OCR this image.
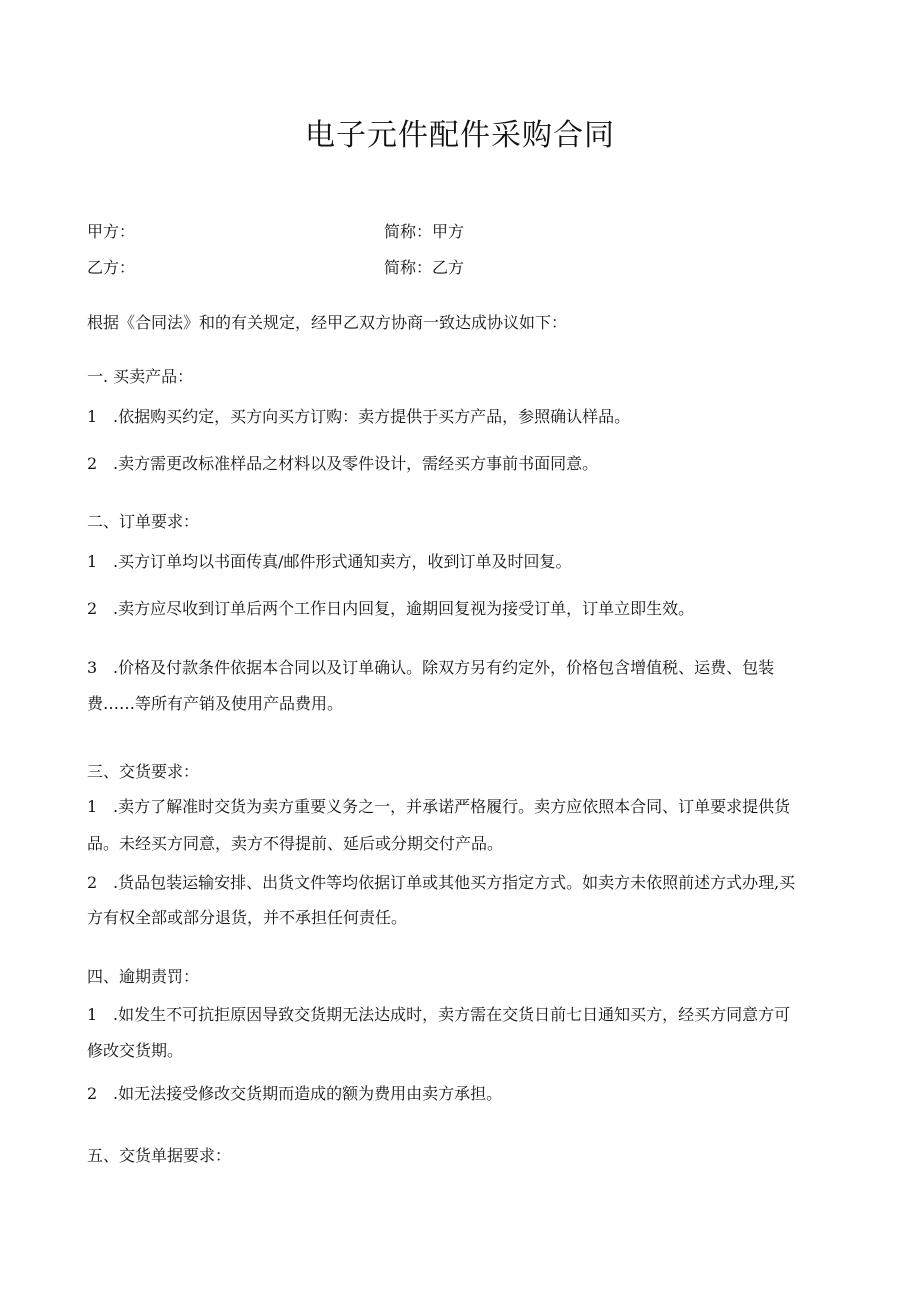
电子元件配件采购合同
甲方：	简称：甲方
乙方：	简称：乙方
根据《合同法》和的有关规定，经甲乙双方协商一致达成协议如下：
一. 买卖产品：
1 .依据购买约定，买方向买方订购：卖方提供于买方产品，参照确认样品。
2 .卖方需更改标准样品之材料以及零件设计，需经买方事前书面同意。
二、订单要求：
1 .买方订单均以书面传真/邮件形式通知卖方，收到订单及时回复。
2 .卖方应尽收到订单后两个工作日内回复，逾期回复视为接受订单，订单立即生效。
3 .价格及付款条件依据本合同以及订单确认。除双方另有约定外，价格包含增值税、运费、包装
费……等所有产销及使用产品费用。
三、交货要求：
1 .卖方了解准时交货为卖方重要义务之一，并承诺严格履行。卖方应依照本合同、订单要求提供货
品。未经买方同意，卖方不得提前、延后或分期交付产品。
2 .货品包装运输安排、出货文件等均依据订单或其他买方指定方式。如卖方未依照前述方式办理,买
方有权全部或部分退货，并不承担任何责任。
四、逾期责罚：
1 .如发生不可抗拒原因导致交货期无法达成时，卖方需在交货日前七日通知买方，经买方同意方可
修改交货期。
2 .如无法接受修改交货期而造成的额为费用由卖方承担。
五、交货单据要求：
